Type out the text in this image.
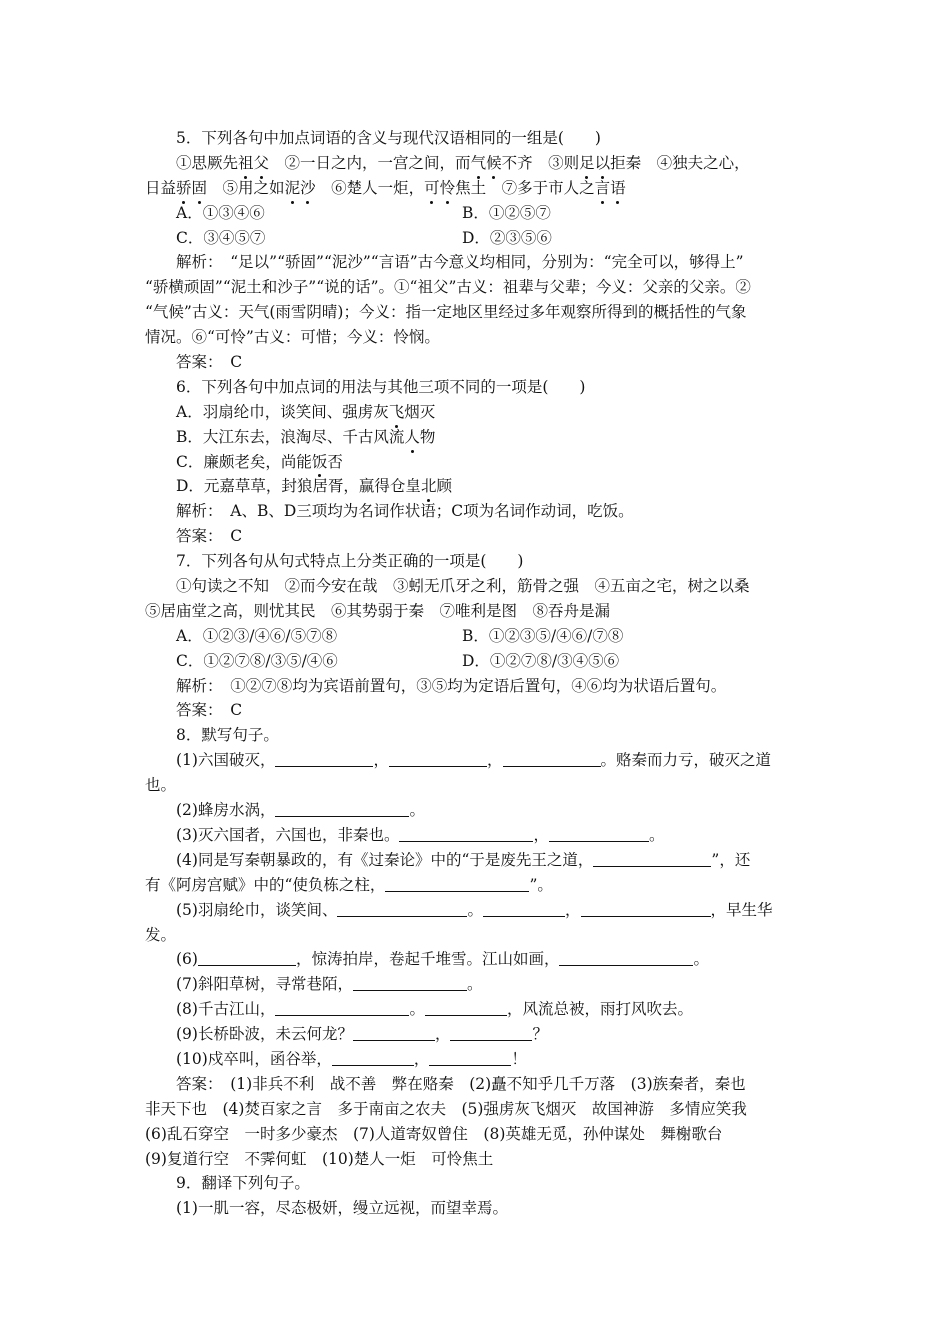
5．下列各句中加点词语的含义与现代汉语相同的一组是(　　)
①思厥先祖父　②一日之内，一宫之间，而气候不齐　③则足以拒秦　④独夫之心，
日益骄固　⑤用之如泥沙　⑥楚人一炬，可怜焦土　⑦多于市人之言语
A．①③④⑥	B．①②⑤⑦
C．③④⑤⑦	D．②③⑤⑥
解析：　“足以”“骄固”“泥沙”“言语”古今意义均相同，分别为：“完全可以，够得上”
“骄横顽固”“泥土和沙子”“说的话”。①“祖父”古义：祖辈与父辈；今义：父亲的父亲。②
“气候”古义：天气(雨雪阴晴)；今义：指一定地区里经过多年观察所得到的概括性的气象
情况。⑥“可怜”古义：可惜；今义：怜悯。
答案：　C
6．下列各句中加点词的用法与其他三项不同的一项是(　　)
A．羽扇纶巾，谈笑间、强虏灰飞烟灭
B．大江东去，浪淘尽、千古风流人物
C．廉颇老矣，尚能饭否
D．元嘉草草，封狼居胥，赢得仓皇北顾
解析：　A、B、D三项均为名词作状语；C项为名词作动词，吃饭。
答案：　C
7．下列各句从句式特点上分类正确的一项是(　　)
①句读之不知　②而今安在哉　③蚓无爪牙之利，筋骨之强　④五亩之宅，树之以桑
⑤居庙堂之高，则忧其民　⑥其势弱于秦　⑦唯利是图　⑧吞舟是漏
A．①②③/④⑥/⑤⑦⑧	B．①②③⑤/④⑥/⑦⑧
C．①②⑦⑧/③⑤/④⑥	D．①②⑦⑧/③④⑤⑥
解析：　①②⑦⑧均为宾语前置句，③⑤均为定语后置句，④⑥均为状语后置句。
答案：　C
8．默写句子。
(1)六国破灭，	，	，	。赂秦而力亏，破灭之道
也。
(2)蜂房水涡，	。
(3)灭六国者，六国也，非秦也。	，	。
(4)同是写秦朝暴政的，有《过秦论》中的“于是废先王之道，	”，还
有《阿房宫赋》中的“使负栋之柱，	”。
(5)羽扇纶巾，谈笑间、	。	，	，早生华
发。
(6)	，惊涛拍岸，卷起千堆雪。江山如画，	。
(7)斜阳草树，寻常巷陌，	。
(8)千古江山，	。	，风流总被，雨打风吹去。
(9)长桥卧波，未云何龙？	，	？
(10)戍卒叫，函谷举，	，	！
答案：　(1)非兵不利　战不善　弊在赂秦　(2)矗不知乎几千万落　(3)族秦者，秦也
非天下也　(4)焚百家之言　多于南亩之农夫　(5)强虏灰飞烟灭　故国神游　多情应笑我
(6)乱石穿空　一时多少豪杰　(7)人道寄奴曾住　(8)英雄无觅，孙仲谋处　舞榭歌台
(9)复道行空　不霁何虹　(10)楚人一炬　可怜焦土
9．翻译下列句子。
(1)一肌一容，尽态极妍，缦立远视，而望幸焉。
